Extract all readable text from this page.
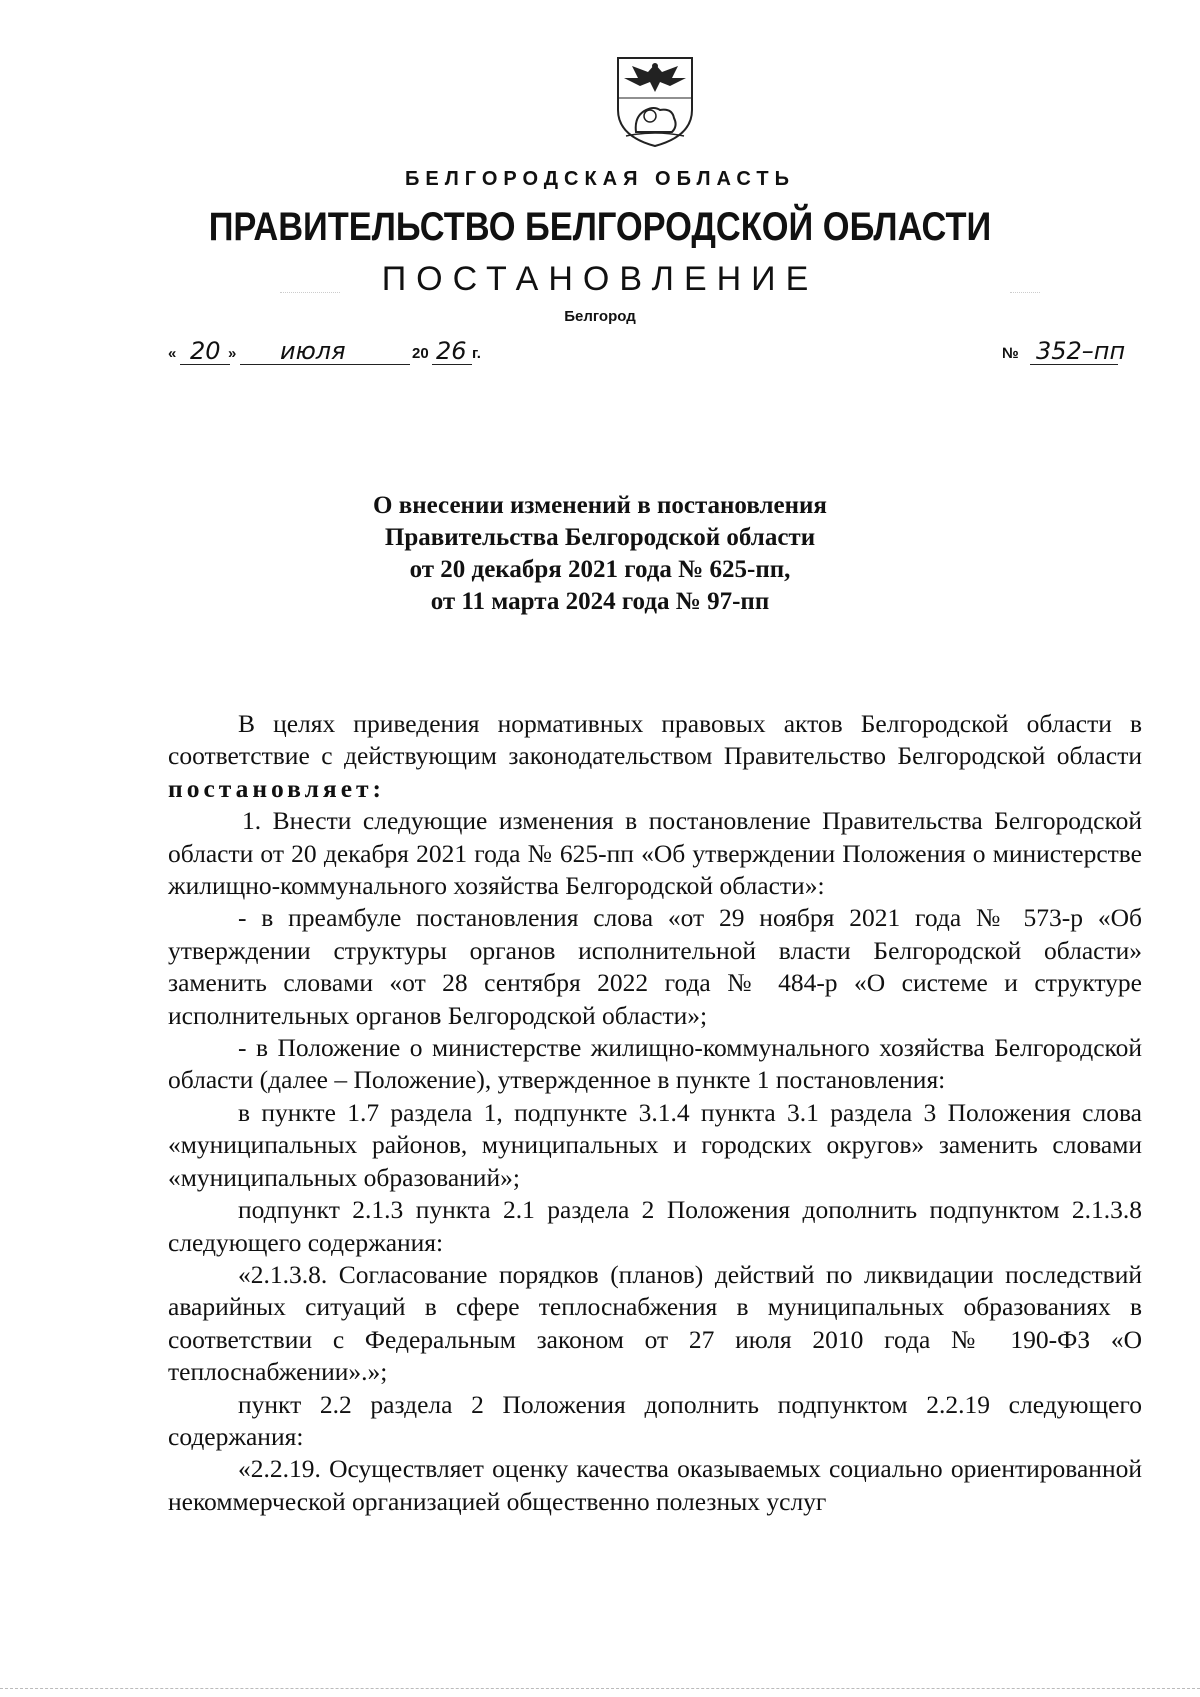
БЕЛГОРОДСКАЯ ОБЛАСТЬ
ПРАВИТЕЛЬСТВО БЕЛГОРОДСКОЙ ОБЛАСТИ
ПОСТАНОВЛЕНИЕ
Белгород
« 20 » июля	20 26 г.	№ 352–пп
О внесении изменений в постановления
Правительства Белгородской области
от 20 декабря 2021 года № 625-пп,
от 11 марта 2024 года № 97-пп

В целях приведения нормативных правовых актов Белгородской области в соответствие с действующим законодательством Правительство Белгородской области постановляет:

1. Внести следующие изменения в постановление Правительства Белгородской области от 20 декабря 2021 года № 625-пп «Об утверждении Положения о министерстве жилищно-коммунального хозяйства Белгородской области»:

- в преамбуле постановления слова «от 29 ноября 2021 года № 573-р «Об утверждении структуры органов исполнительной власти Белгородской области» заменить словами «от 28 сентября 2022 года № 484-р «О системе и структуре исполнительных органов Белгородской области»;

- в Положение о министерстве жилищно-коммунального хозяйства Белгородской области (далее – Положение), утвержденное в пункте 1 постановления:

в пункте 1.7 раздела 1, подпункте 3.1.4 пункта 3.1 раздела 3 Положения слова «муниципальных районов, муниципальных и городских округов» заменить словами «муниципальных образований»;

подпункт 2.1.3 пункта 2.1 раздела 2 Положения дополнить подпунктом 2.1.3.8 следующего содержания:

«2.1.3.8. Согласование порядков (планов) действий по ликвидации последствий аварийных ситуаций в сфере теплоснабжения в муниципальных образованиях в соответствии с Федеральным законом от 27 июля 2010 года № 190-ФЗ «О теплоснабжении».»;

пункт 2.2 раздела 2 Положения дополнить подпунктом 2.2.19 следующего содержания:

«2.2.19. Осуществляет оценку качества оказываемых социально ориентированной некоммерческой организацией общественно полезных услуг
